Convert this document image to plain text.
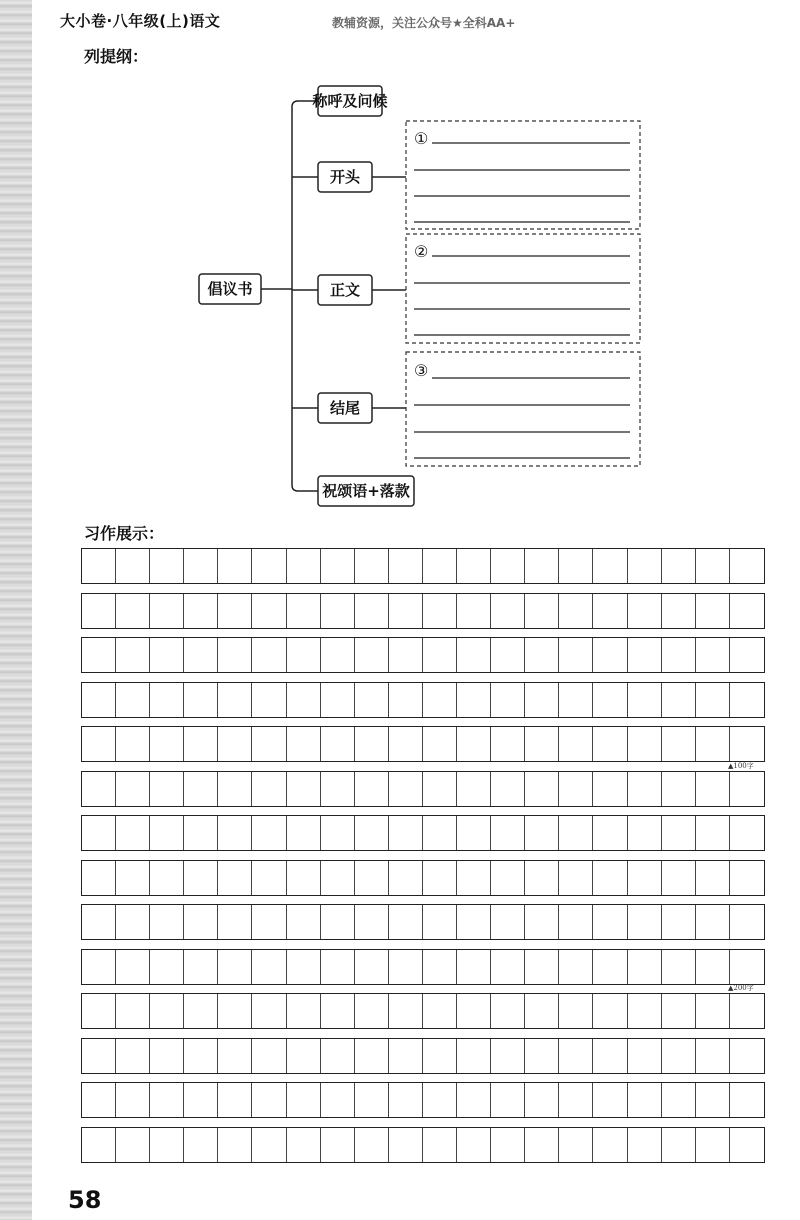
大小卷·八年级(上)语文	教辅资源，关注公众号★全科AA+
列提纲：
倡议书
称呼及问候
开头
正文
结尾
祝颂语+落款
①
②
③
习作展示：
▲100字
▲200字
58
